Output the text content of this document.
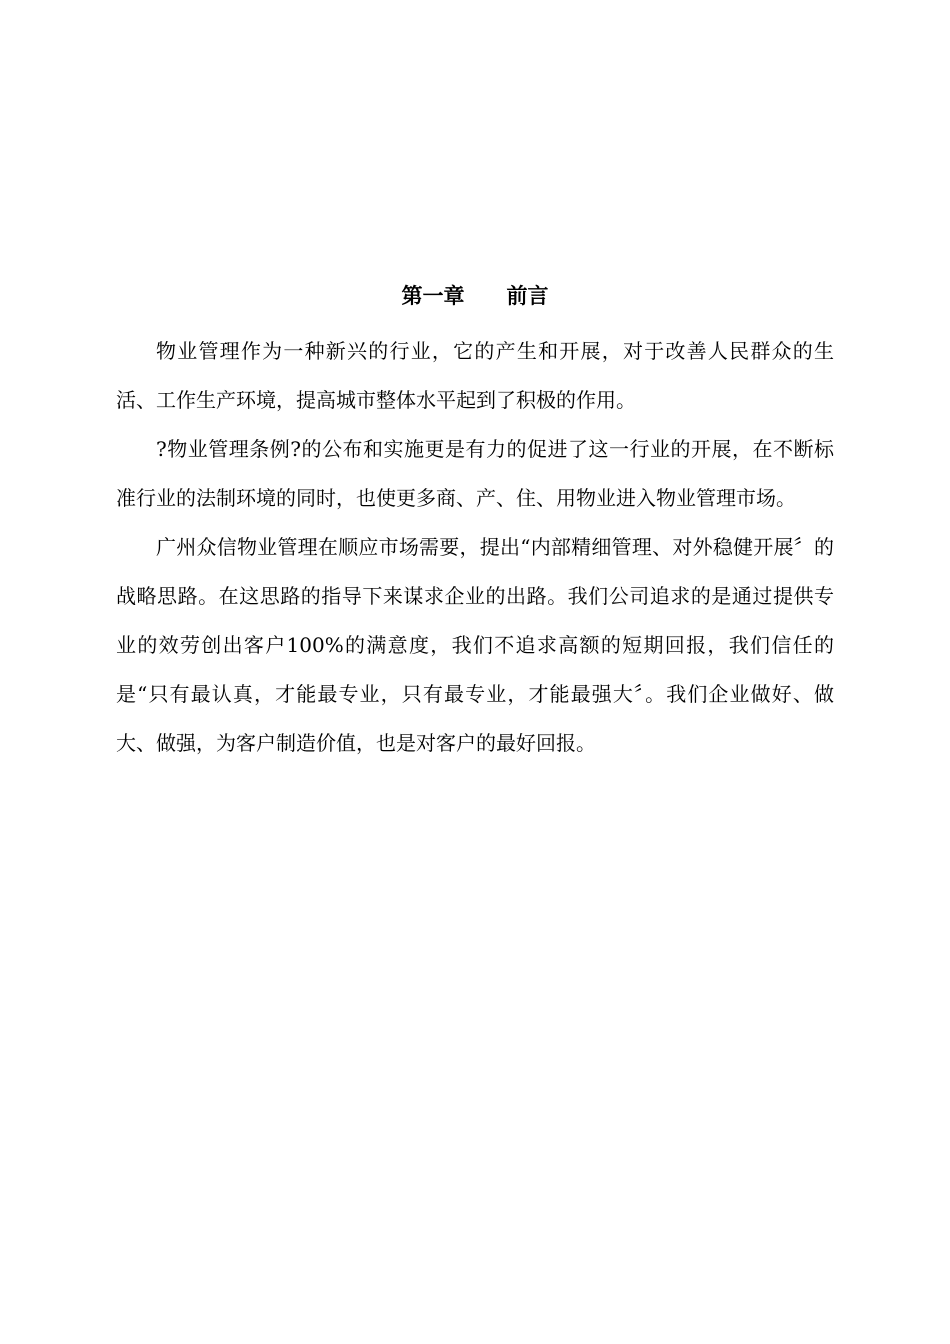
第一章　　前言

物业管理作为一种新兴的行业，它的产生和开展，对于改善人民群众的生活、工作生产环境，提高城市整体水平起到了积极的作用。

?物业管理条例?的公布和实施更是有力的促进了这一行业的开展，在不断标准行业的法制环境的同时，也使更多商、产、住、用物业进入物业管理市场。

广州众信物业管理在顺应市场需要，提出“内部精细管理、对外稳健开展〞的战略思路。在这思路的指导下来谋求企业的出路。我们公司追求的是通过提供专业的效劳创出客户100%的满意度，我们不追求高额的短期回报，我们信任的是“只有最认真，才能最专业，只有最专业，才能最强大〞。我们企业做好、做大、做强，为客户制造价值，也是对客户的最好回报。
